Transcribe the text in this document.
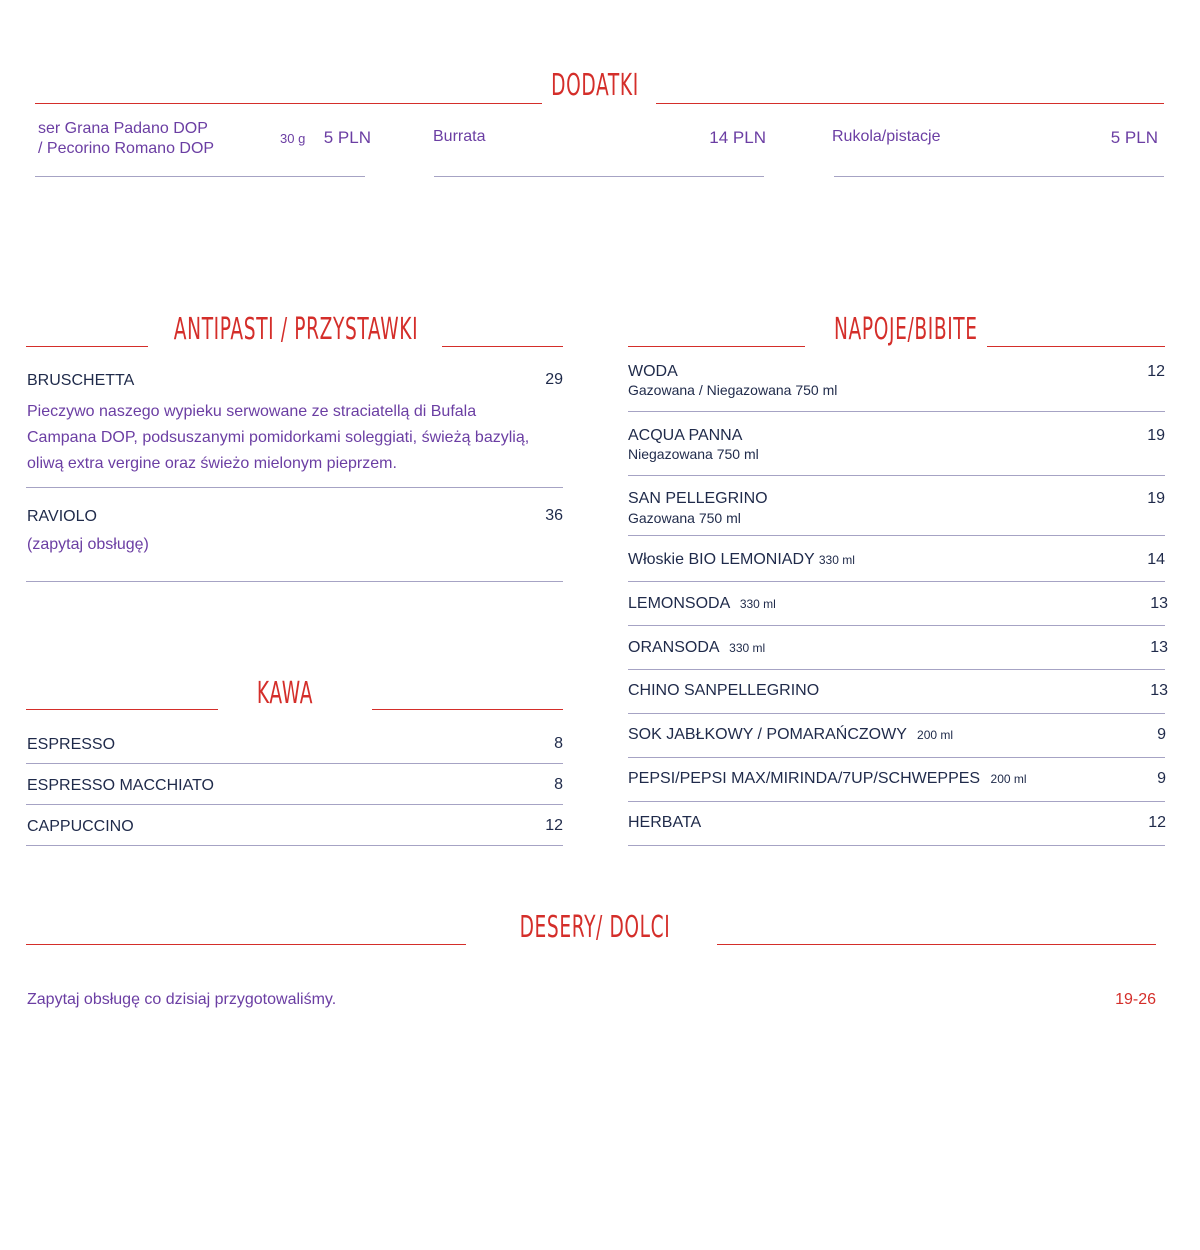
DODATKI
ser Grana Padano DOP
/ Pecorino Romano DOP
30 g	5 PLN	Burrata	14 PLN	Rukola/pistacje	5 PLN
ANTIPASTI / PRZYSTAWKI
BRUSCHETTA	29
Pieczywo naszego wypieku serwowane ze straciatellą di Bufala
Campana DOP, podsuszanymi pomidorkami soleggiati, świeżą bazylią,
oliwą extra vergine oraz świeżo mielonym pieprzem.
RAVIOLO	36
(zapytaj obsługę)
KAWA
ESPRESSO	8
ESPRESSO MACCHIATO	8
CAPPUCCINO	12
NAPOJE/BIBITE
WODA
Gazowana / Niegazowana 750 ml
12
ACQUA PANNA
Niegazowana 750 ml
19
SAN PELLEGRINO
Gazowana 750 ml
19
Włoskie BIO LEMONIADY 330 ml	14
LEMONSODA 330 ml	13
ORANSODA 330 ml	13
CHINO SANPELLEGRINO	13
SOK JABŁKOWY / POMARAŃCZOWY 200 ml	9
PEPSI/PEPSI MAX/MIRINDA/7UP/SCHWEPPES 200 ml	9
HERBATA	12
DESERY/ DOLCI
Zapytaj obsługę co dzisiaj przygotowaliśmy.	19-26
